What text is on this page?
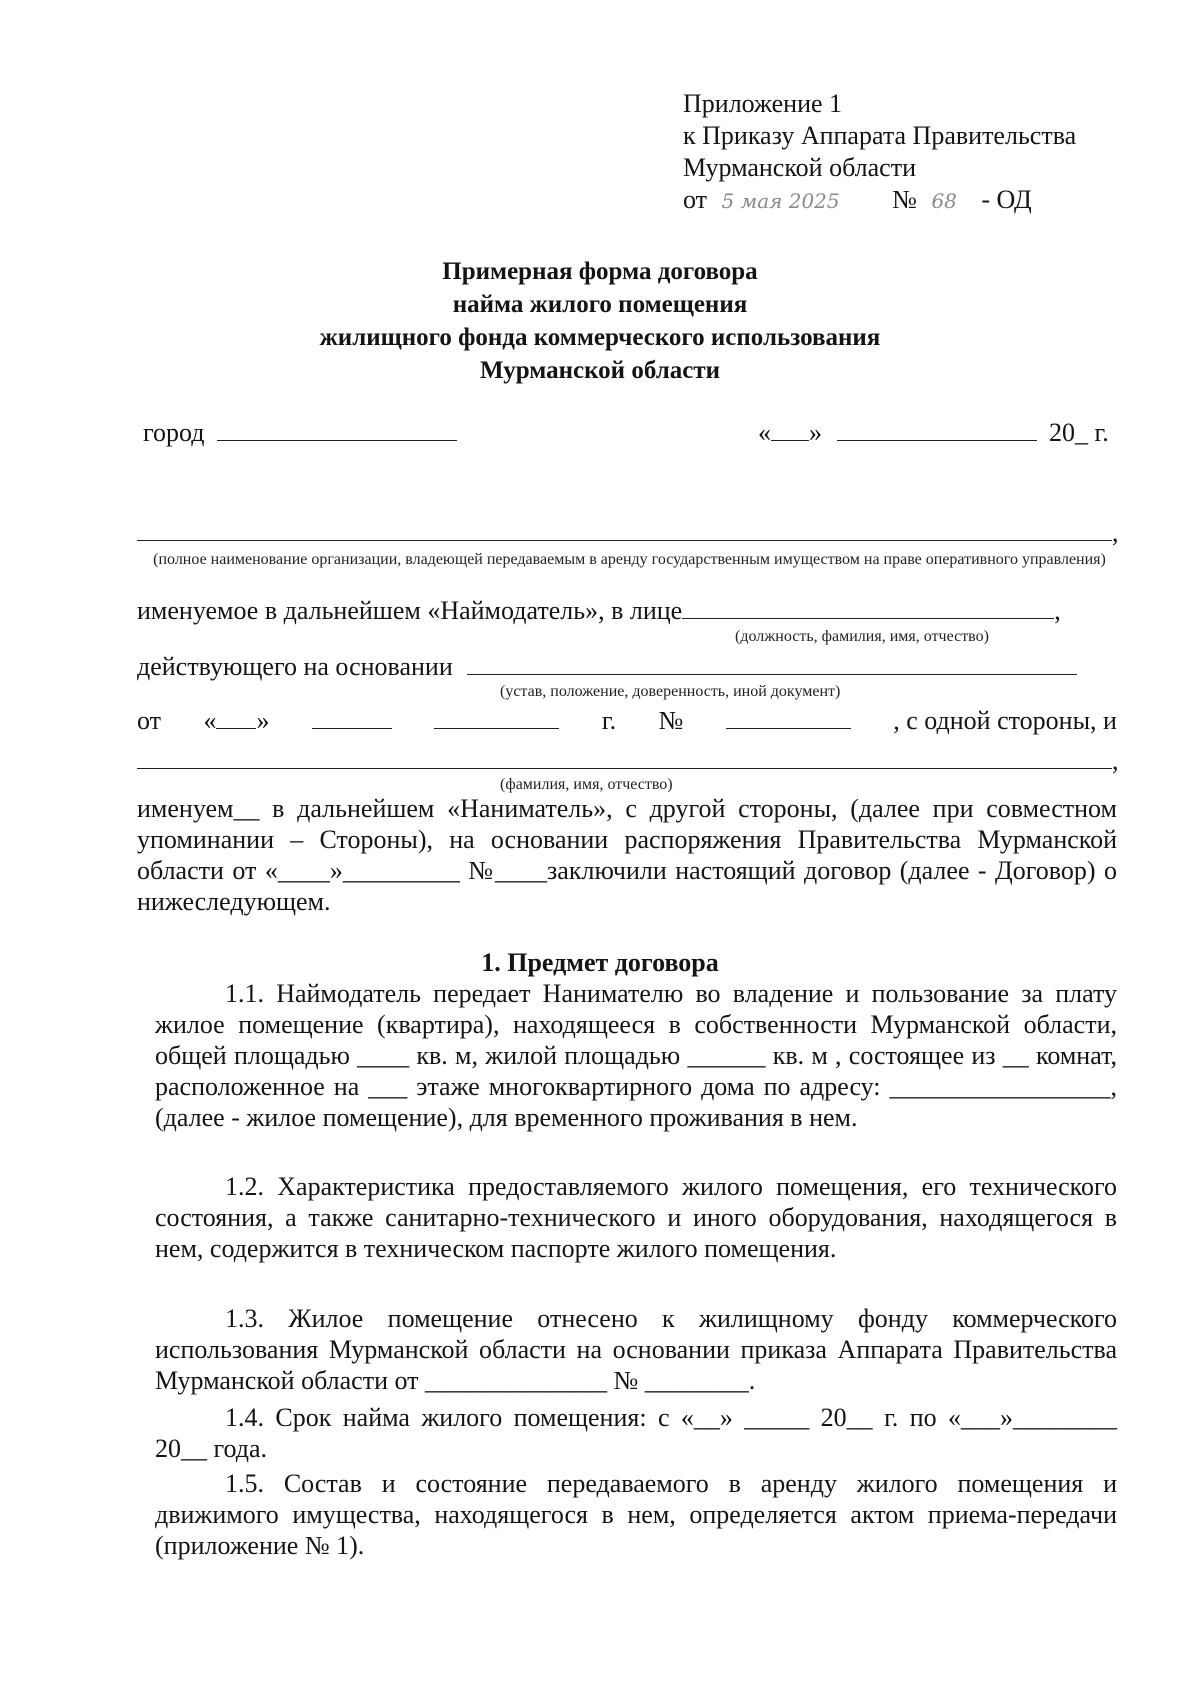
Приложение 1
к Приказу Аппарата Правительства
Мурманской области
от 5 мая 2025 № 68 - ОД
Примерная форма договора
найма жилого помещения
жилищного фонда коммерческого использования
Мурманской области
город	« »	20_ г.
,
(полное наименование организации, владеющей передаваемым в аренду государственным имуществом на праве оперативного управления)
именуемое в дальнейшем «Наймодатель», в лице	,
(должность, фамилия, имя, отчество)
действующего на основании
(устав, положение, доверенность, иной документ)
от « »	г. №	, с одной стороны, и
,
(фамилия, имя, отчество)
именуем__ в дальнейшем «Наниматель», с другой стороны, (далее при совместном упоминании – Стороны), на основании распоряжения Правительства Мурманской области от «____»_________ №____заключили настоящий договор (далее - Договор) о нижеследующем.
1. Предмет договора
1.1. Наймодатель передает Нанимателю во владение и пользование за плату жилое помещение (квартира), находящееся в собственности Мурманской области, общей площадью ____ кв. м, жилой площадью ______ кв. м , состоящее из __ комнат, расположенное на ___ этаже многоквартирного дома по адресу: _________________, (далее - жилое помещение), для временного проживания в нем.
1.2. Характеристика предоставляемого жилого помещения, его технического состояния, а также санитарно-технического и иного оборудования, находящегося в нем, содержится в техническом паспорте жилого помещения.
1.3. Жилое помещение отнесено к жилищному фонду коммерческого использования Мурманской области на основании приказа Аппарата Правительства Мурманской области от ______________ № ________.
1.4. Срок найма жилого помещения: с «__» _____ 20__ г. по «___»________ 20__ года.
1.5. Состав и состояние передаваемого в аренду жилого помещения и движимого имущества, находящегося в нем, определяется актом приема-передачи (приложение № 1).
